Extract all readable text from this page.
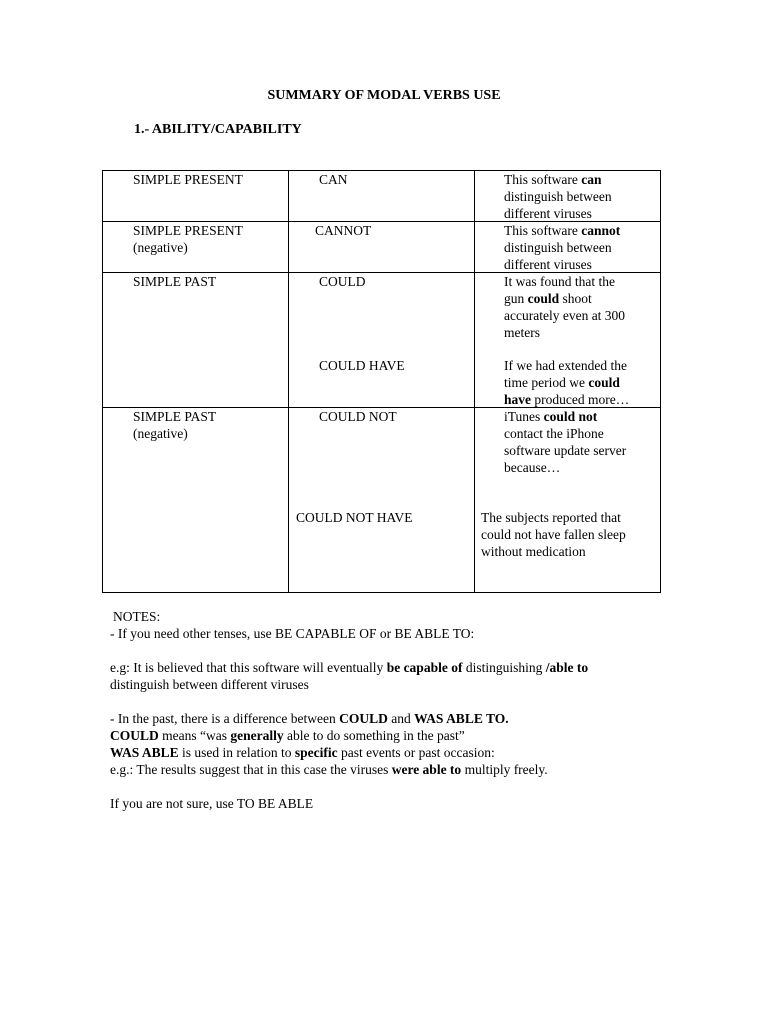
SUMMARY OF MODAL VERBS USE
1.- ABILITY/CAPABILITY
SIMPLE PRESENT	CAN	This software can
distinguish between
different viruses
SIMPLE PRESENT
(negative)
CANNOT	This software cannot
distinguish between
different viruses
SIMPLE PAST	COULD	It was found that the
gun could shoot
accurately even at 300
meters
COULD HAVE	If we had extended the
time period we could
have produced more…
SIMPLE PAST
(negative)
COULD NOT	iTunes could not
contact the iPhone
software update server
because…
COULD NOT HAVE	The subjects reported that
could not have fallen sleep
without medication

NOTES:

- If you need other tenses, use BE CAPABLE OF or BE ABLE TO:

e.g: It is believed that this software will eventually be capable of distinguishing /able to

distinguish between different viruses

- In the past, there is a difference between COULD and WAS ABLE TO.

COULD means “was generally able to do something in the past”

WAS ABLE is used in relation to specific past events or past occasion:

e.g.: The results suggest that in this case the viruses were able to multiply freely.

If you are not sure, use TO BE ABLE
